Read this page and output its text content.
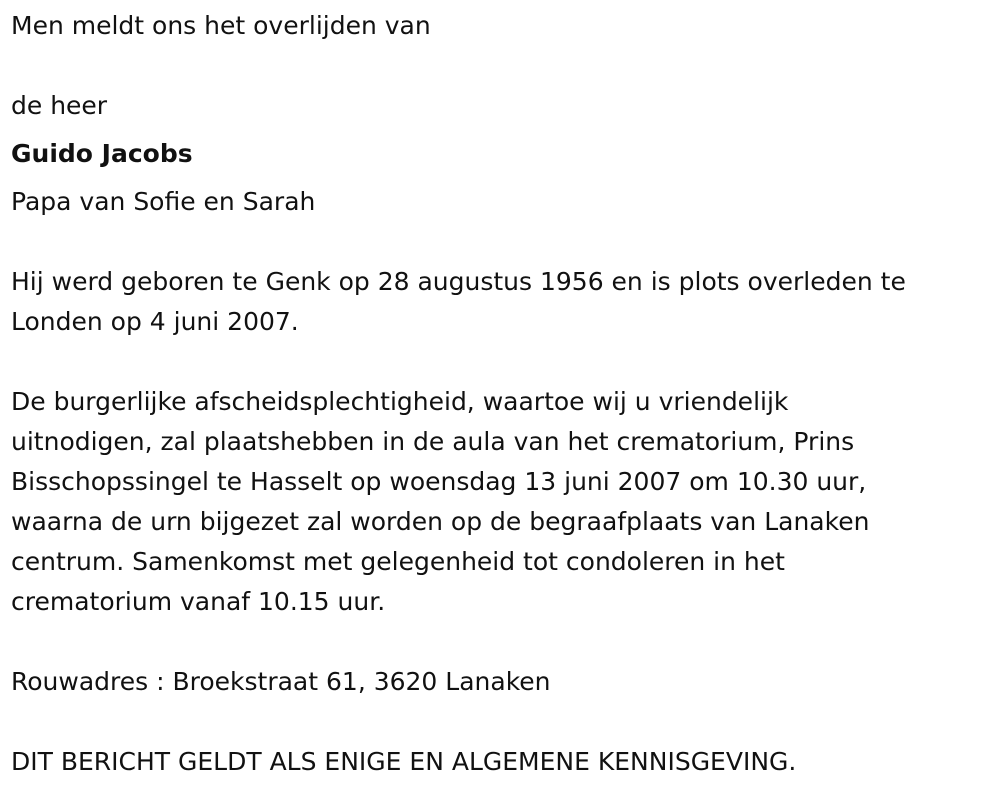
Men meldt ons het overlijden van
de heer
Guido Jacobs
Papa van Sofie en Sarah
Hij werd geboren te Genk op 28 augustus 1956 en is plots overleden te
Londen op 4 juni 2007.
De burgerlijke afscheidsplechtigheid, waartoe wij u vriendelijk
uitnodigen, zal plaatshebben in de aula van het crematorium, Prins
Bisschopssingel te Hasselt op woensdag 13 juni 2007 om 10.30 uur,
waarna de urn bijgezet zal worden op de begraafplaats van Lanaken
centrum. Samenkomst met gelegenheid tot condoleren in het
crematorium vanaf 10.15 uur.
Rouwadres : Broekstraat 61, 3620 Lanaken
DIT BERICHT GELDT ALS ENIGE EN ALGEMENE KENNISGEVING.
